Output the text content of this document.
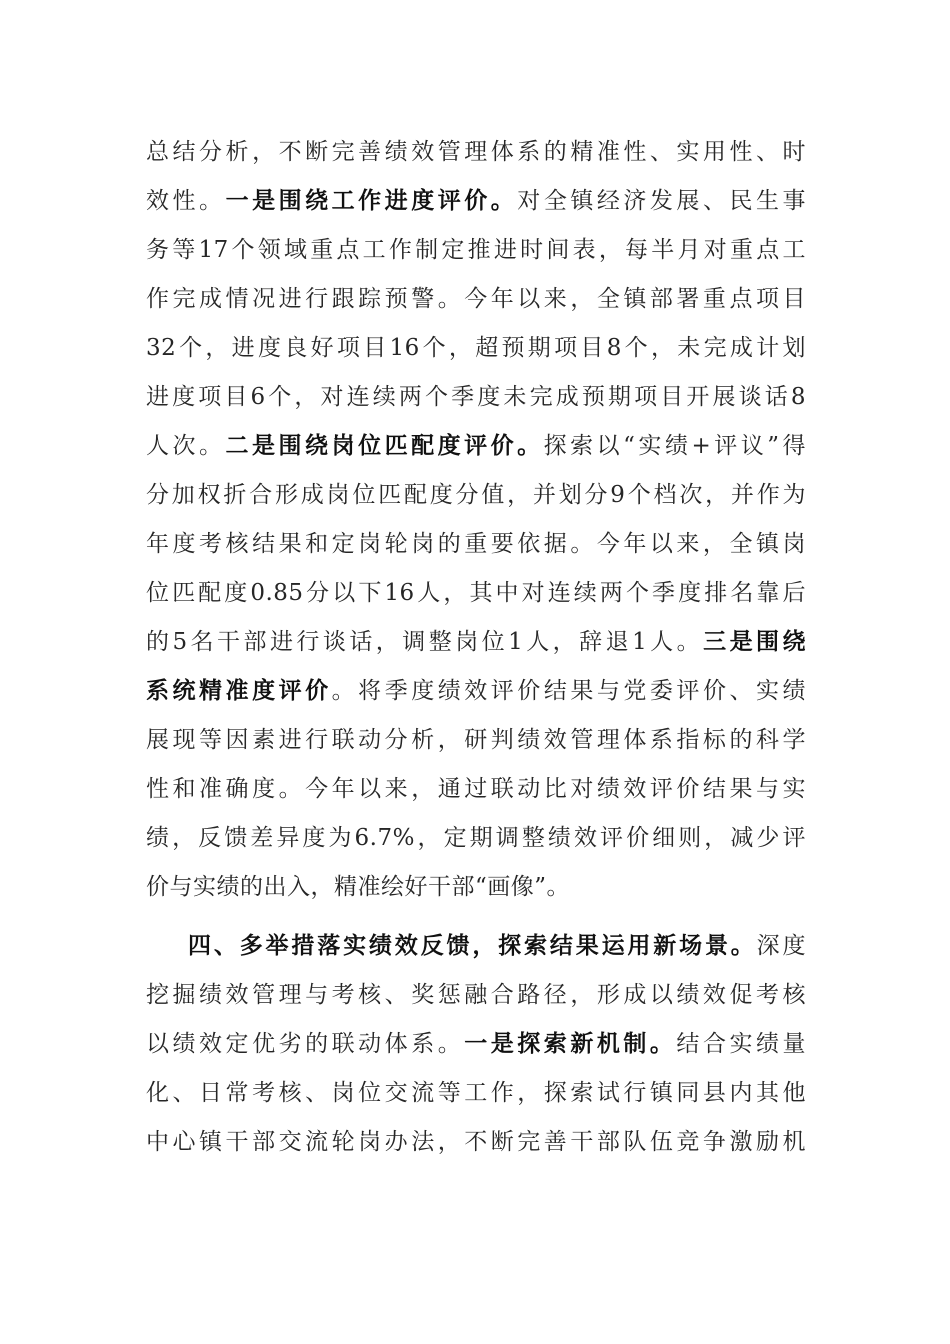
总结分析，不断完善绩效管理体系的精准性、实用性、时
效性。一是围绕工作进度评价。对全镇经济发展、民生事
务等17个领域重点工作制定推进时间表，每半月对重点工
作完成情况进行跟踪预警。今年以来，全镇部署重点项目
32个，进度良好项目16个，超预期项目8个，未完成计划
进度项目6个，对连续两个季度未完成预期项目开展谈话8
人次。二是围绕岗位匹配度评价。探索以“实绩+评议”得
分加权折合形成岗位匹配度分值，并划分9个档次，并作为
年度考核结果和定岗轮岗的重要依据。今年以来，全镇岗
位匹配度0.85分以下16人，其中对连续两个季度排名靠后
的5名干部进行谈话，调整岗位1人，辞退1人。三是围绕
系统精准度评价。将季度绩效评价结果与党委评价、实绩
展现等因素进行联动分析，研判绩效管理体系指标的科学
性和准确度。今年以来，通过联动比对绩效评价结果与实
绩，反馈差异度为6.7%，定期调整绩效评价细则，减少评
价与实绩的出入，精准绘好干部“画像”。
四、多举措落实绩效反馈，探索结果运用新场景。深度
挖掘绩效管理与考核、奖惩融合路径，形成以绩效促考核
以绩效定优劣的联动体系。一是探索新机制。结合实绩量
化、日常考核、岗位交流等工作，探索试行镇同县内其他
中心镇干部交流轮岗办法，不断完善干部队伍竞争激励机
